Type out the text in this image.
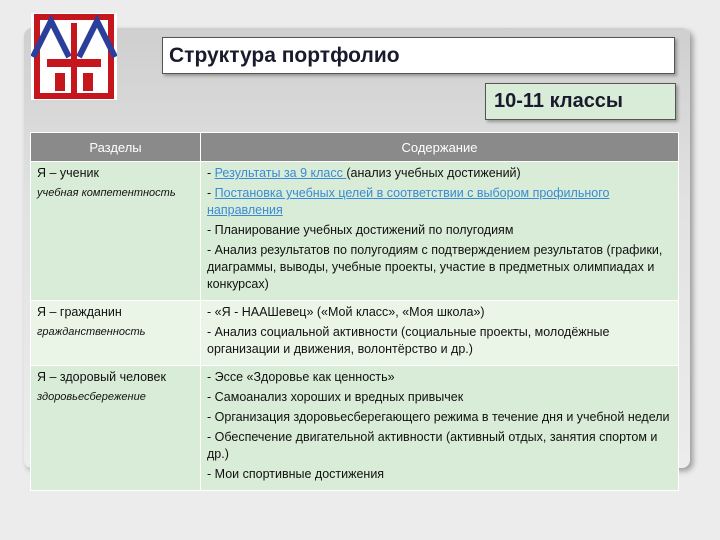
Структура портфолио
10-11 классы
Разделы	Содержание

Я – ученик
учебная компетентность	- Результаты за 9 класс (анализ учебных достижений)
- Постановка учебных целей в соответствии с выбором профильного направления
- Планирование учебных достижений по полугодиям
- Анализ результатов по полугодиям с подтверждением результатов (графики, диаграммы, выводы, учебные проекты, участие в предметных олимпиадах и конкурсах)

Я – гражданин
гражданственность	- «Я - НААШевец» («Мой класс», «Моя школа»)
- Анализ социальной активности (социальные проекты, молодёжные организации и движения, волонтёрство и др.)

Я – здоровый человек
здоровьесбережение	- Эссе «Здоровье как ценность»
- Самоанализ хороших и вредных привычек
- Организация здоровьесберегающего режима в течение дня и учебной недели
- Обеспечение двигательной активности (активный отдых, занятия спортом и др.)
- Мои спортивные достижения
